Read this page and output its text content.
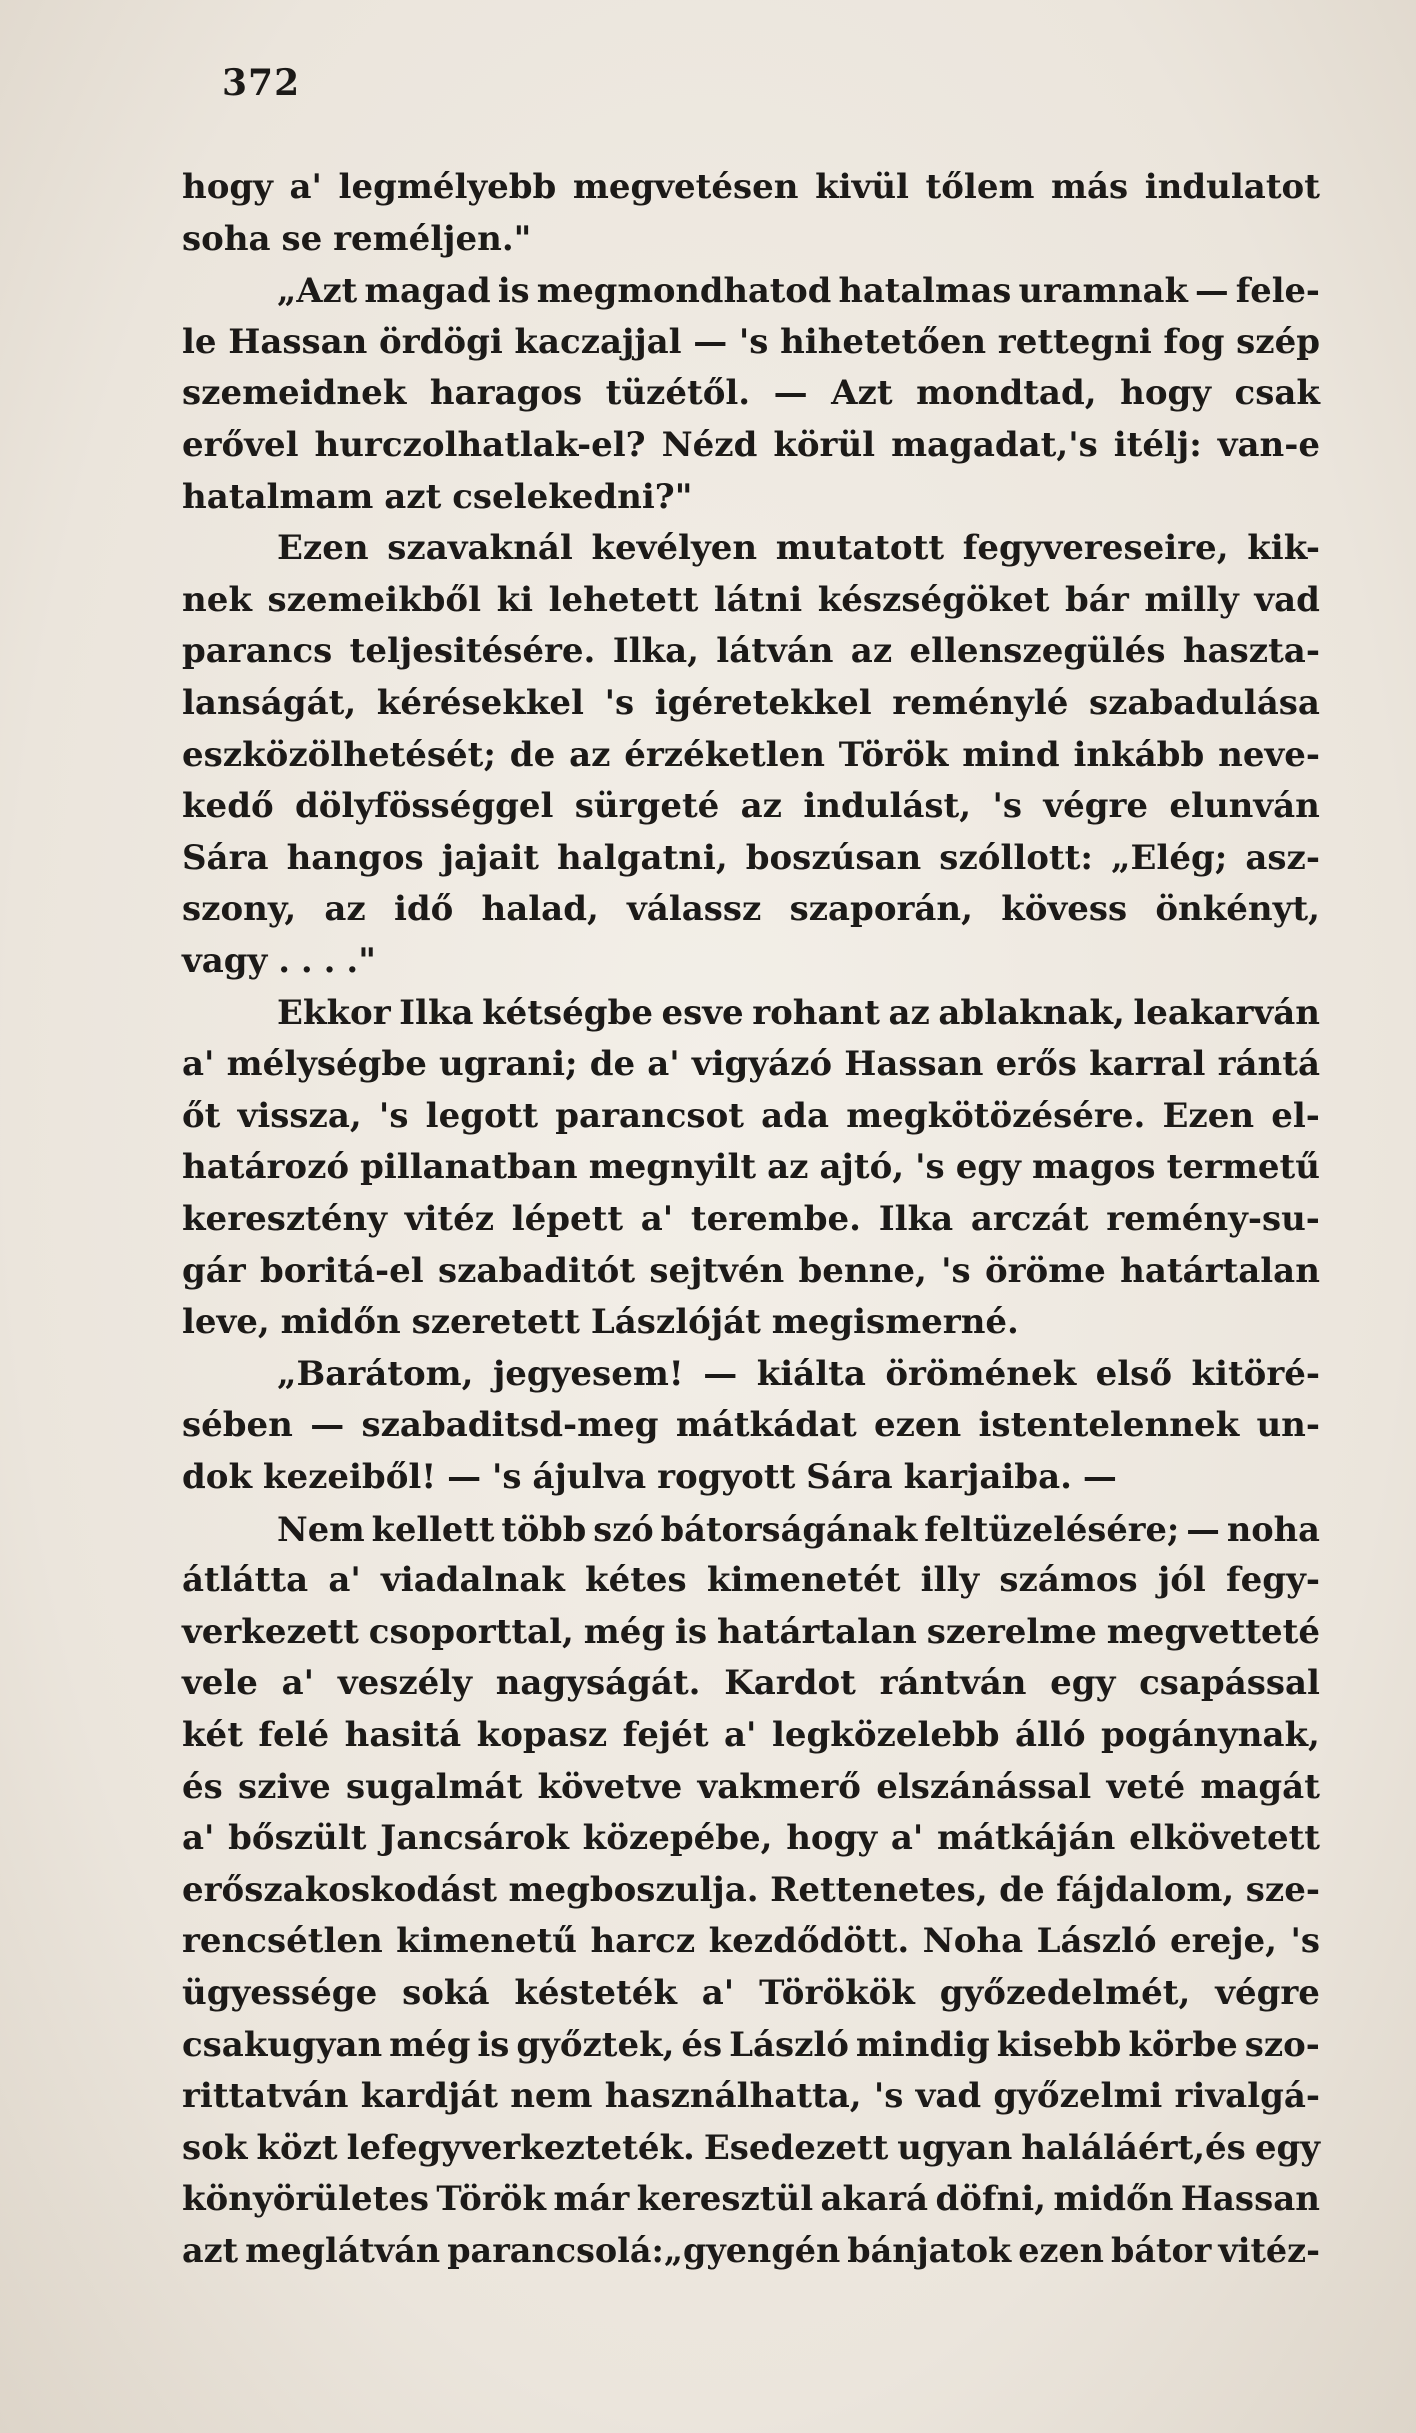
372
hogy a' legmélyebb megvetésen kivül tőlem más indulatot
soha se reméljen."
„Azt magad is megmondhatod hatalmas uramnak — fele-
le Hassan ördögi kaczajjal — 's hihetetően rettegni fog szép
szemeidnek haragos tüzétől. — Azt mondtad, hogy csak
erővel hurczolhatlak-el? Nézd körül magadat,'s itélj: van-e
hatalmam azt cselekedni?"
Ezen szavaknál kevélyen mutatott fegyvereseire, kik-
nek szemeikből ki lehetett látni készségöket bár milly vad
parancs teljesitésére. Ilka, látván az ellenszegülés haszta-
lanságát, kérésekkel 's igéretekkel reménylé szabadulása
eszközölhetését; de az érzéketlen Török mind inkább neve-
kedő dölyfösséggel sürgeté az indulást, 's végre elunván
Sára hangos jajait halgatni, boszúsan szóllott: „Elég; asz-
szony, az idő halad, válassz szaporán, kövess önkényt,
vagy . . . ."
Ekkor Ilka kétségbe esve rohant az ablaknak, leakarván
a' mélységbe ugrani; de a' vigyázó Hassan erős karral rántá
őt vissza, 's legott parancsot ada megkötözésére. Ezen el-
határozó pillanatban megnyilt az ajtó, 's egy magos termetű
keresztény vitéz lépett a' terembe. Ilka arczát remény-su-
gár boritá-el szabaditót sejtvén benne, 's öröme határtalan
leve, midőn szeretett Lászlóját megismerné.
„Barátom, jegyesem! — kiálta örömének első kitöré-
sében — szabaditsd-meg mátkádat ezen istentelennek un-
dok kezeiből! — 's ájulva rogyott Sára karjaiba. —
Nem kellett több szó bátorságának feltüzelésére; — noha
átlátta a' viadalnak kétes kimenetét illy számos jól fegy-
verkezett csoporttal, még is határtalan szerelme megvetteté
vele a' veszély nagyságát. Kardot rántván egy csapással
két felé hasitá kopasz fejét a' legközelebb álló pogánynak,
és szive sugalmát követve vakmerő elszánással veté magát
a' bőszült Jancsárok közepébe, hogy a' mátkáján elkövetett
erőszakoskodást megboszulja. Rettenetes, de fájdalom, sze-
rencsétlen kimenetű harcz kezdődött. Noha László ereje, 's
ügyessége soká késteték a' Törökök győzedelmét, végre
csakugyan még is győztek, és László mindig kisebb körbe szo-
rittatván kardját nem használhatta, 's vad győzelmi rivalgá-
sok közt lefegyverkezteték. Esedezett ugyan haláláért,és egy
könyörületes Török már keresztül akará döfni, midőn Hassan
azt meglátván parancsolá:„gyengén bánjatok ezen bátor vitéz-
